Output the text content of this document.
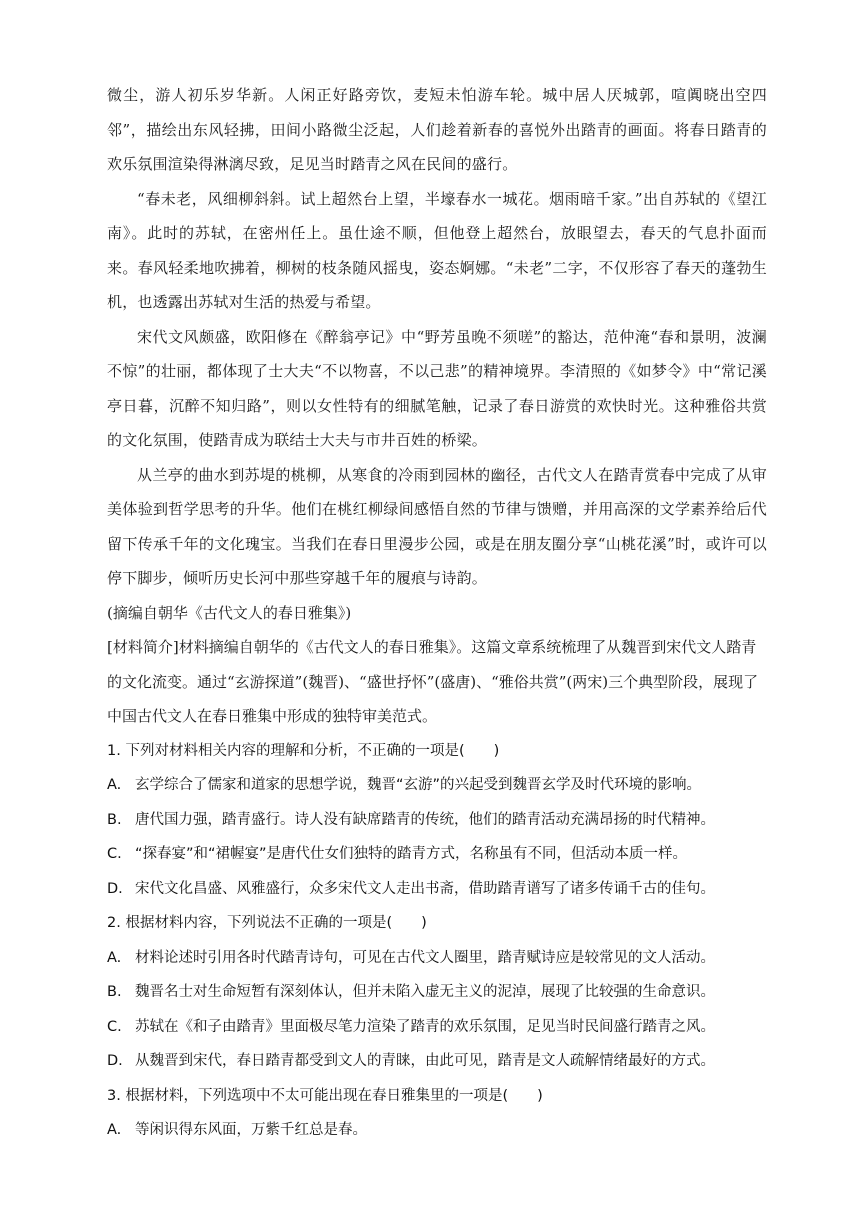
微尘，游人初乐岁华新。人闲正好路旁饮，麦短未怕游车轮。城中居人厌城郭，喧阗晓出空四邻”，描绘出东风轻拂，田间小路微尘泛起，人们趁着新春的喜悦外出踏青的画面。将春日踏青的欢乐氛围渲染得淋漓尽致，足见当时踏青之风在民间的盛行。

“春未老，风细柳斜斜。试上超然台上望，半壕春水一城花。烟雨暗千家。”出自苏轼的《望江南》。此时的苏轼，在密州任上。虽仕途不顺，但他登上超然台，放眼望去，春天的气息扑面而来。春风轻柔地吹拂着，柳树的枝条随风摇曳，姿态婀娜。“未老”二字，不仅形容了春天的蓬勃生机，也透露出苏轼对生活的热爱与希望。

宋代文风颇盛，欧阳修在《醉翁亭记》中“野芳虽晚不须嗟”的豁达，范仲淹“春和景明，波澜不惊”的壮丽，都体现了士大夫“不以物喜，不以己悲”的精神境界。李清照的《如梦令》中“常记溪亭日暮，沉醉不知归路”，则以女性特有的细腻笔触，记录了春日游赏的欢快时光。这种雅俗共赏的文化氛围，使踏青成为联结士大夫与市井百姓的桥梁。

从兰亭的曲水到苏堤的桃柳，从寒食的冷雨到园林的幽径，古代文人在踏青赏春中完成了从审美体验到哲学思考的升华。他们在桃红柳绿间感悟自然的节律与馈赠，并用高深的文学素养给后代留下传承千年的文化瑰宝。当我们在春日里漫步公园，或是在朋友圈分享“山桃花溪”时，或许可以停下脚步，倾听历史长河中那些穿越千年的履痕与诗韵。

(摘编自朝华《古代文人的春日雅集》)

[材料简介]材料摘编自朝华的《古代文人的春日雅集》。这篇文章系统梳理了从魏晋到宋代文人踏青的文化流变。通过“玄游探道”(魏晋)、“盛世抒怀”(盛唐)、“雅俗共赏”(两宋)三个典型阶段，展现了中国古代文人在春日雅集中形成的独特审美范式。

1. 下列对材料相关内容的理解和分析，不正确的一项是(　　)

A. 玄学综合了儒家和道家的思想学说，魏晋“玄游”的兴起受到魏晋玄学及时代环境的影响。
B. 唐代国力强，踏青盛行。诗人没有缺席踏青的传统，他们的踏青活动充满昂扬的时代精神。
C. “探春宴”和“裙幄宴”是唐代仕女们独特的踏青方式，名称虽有不同，但活动本质一样。
D. 宋代文化昌盛、风雅盛行，众多宋代文人走出书斋，借助踏青谱写了诸多传诵千古的佳句。

2. 根据材料内容，下列说法不正确的一项是(　　)

A. 材料论述时引用各时代踏青诗句，可见在古代文人圈里，踏青赋诗应是较常见的文人活动。
B. 魏晋名士对生命短暂有深刻体认，但并未陷入虚无主义的泥淖，展现了比较强的生命意识。
C. 苏轼在《和子由踏青》里面极尽笔力渲染了踏青的欢乐氛围，足见当时民间盛行踏青之风。
D. 从魏晋到宋代，春日踏青都受到文人的青睐，由此可见，踏青是文人疏解情绪最好的方式。

3. 根据材料，下列选项中不太可能出现在春日雅集里的一项是(　　)

A. 等闲识得东风面，万紫千红总是春。
